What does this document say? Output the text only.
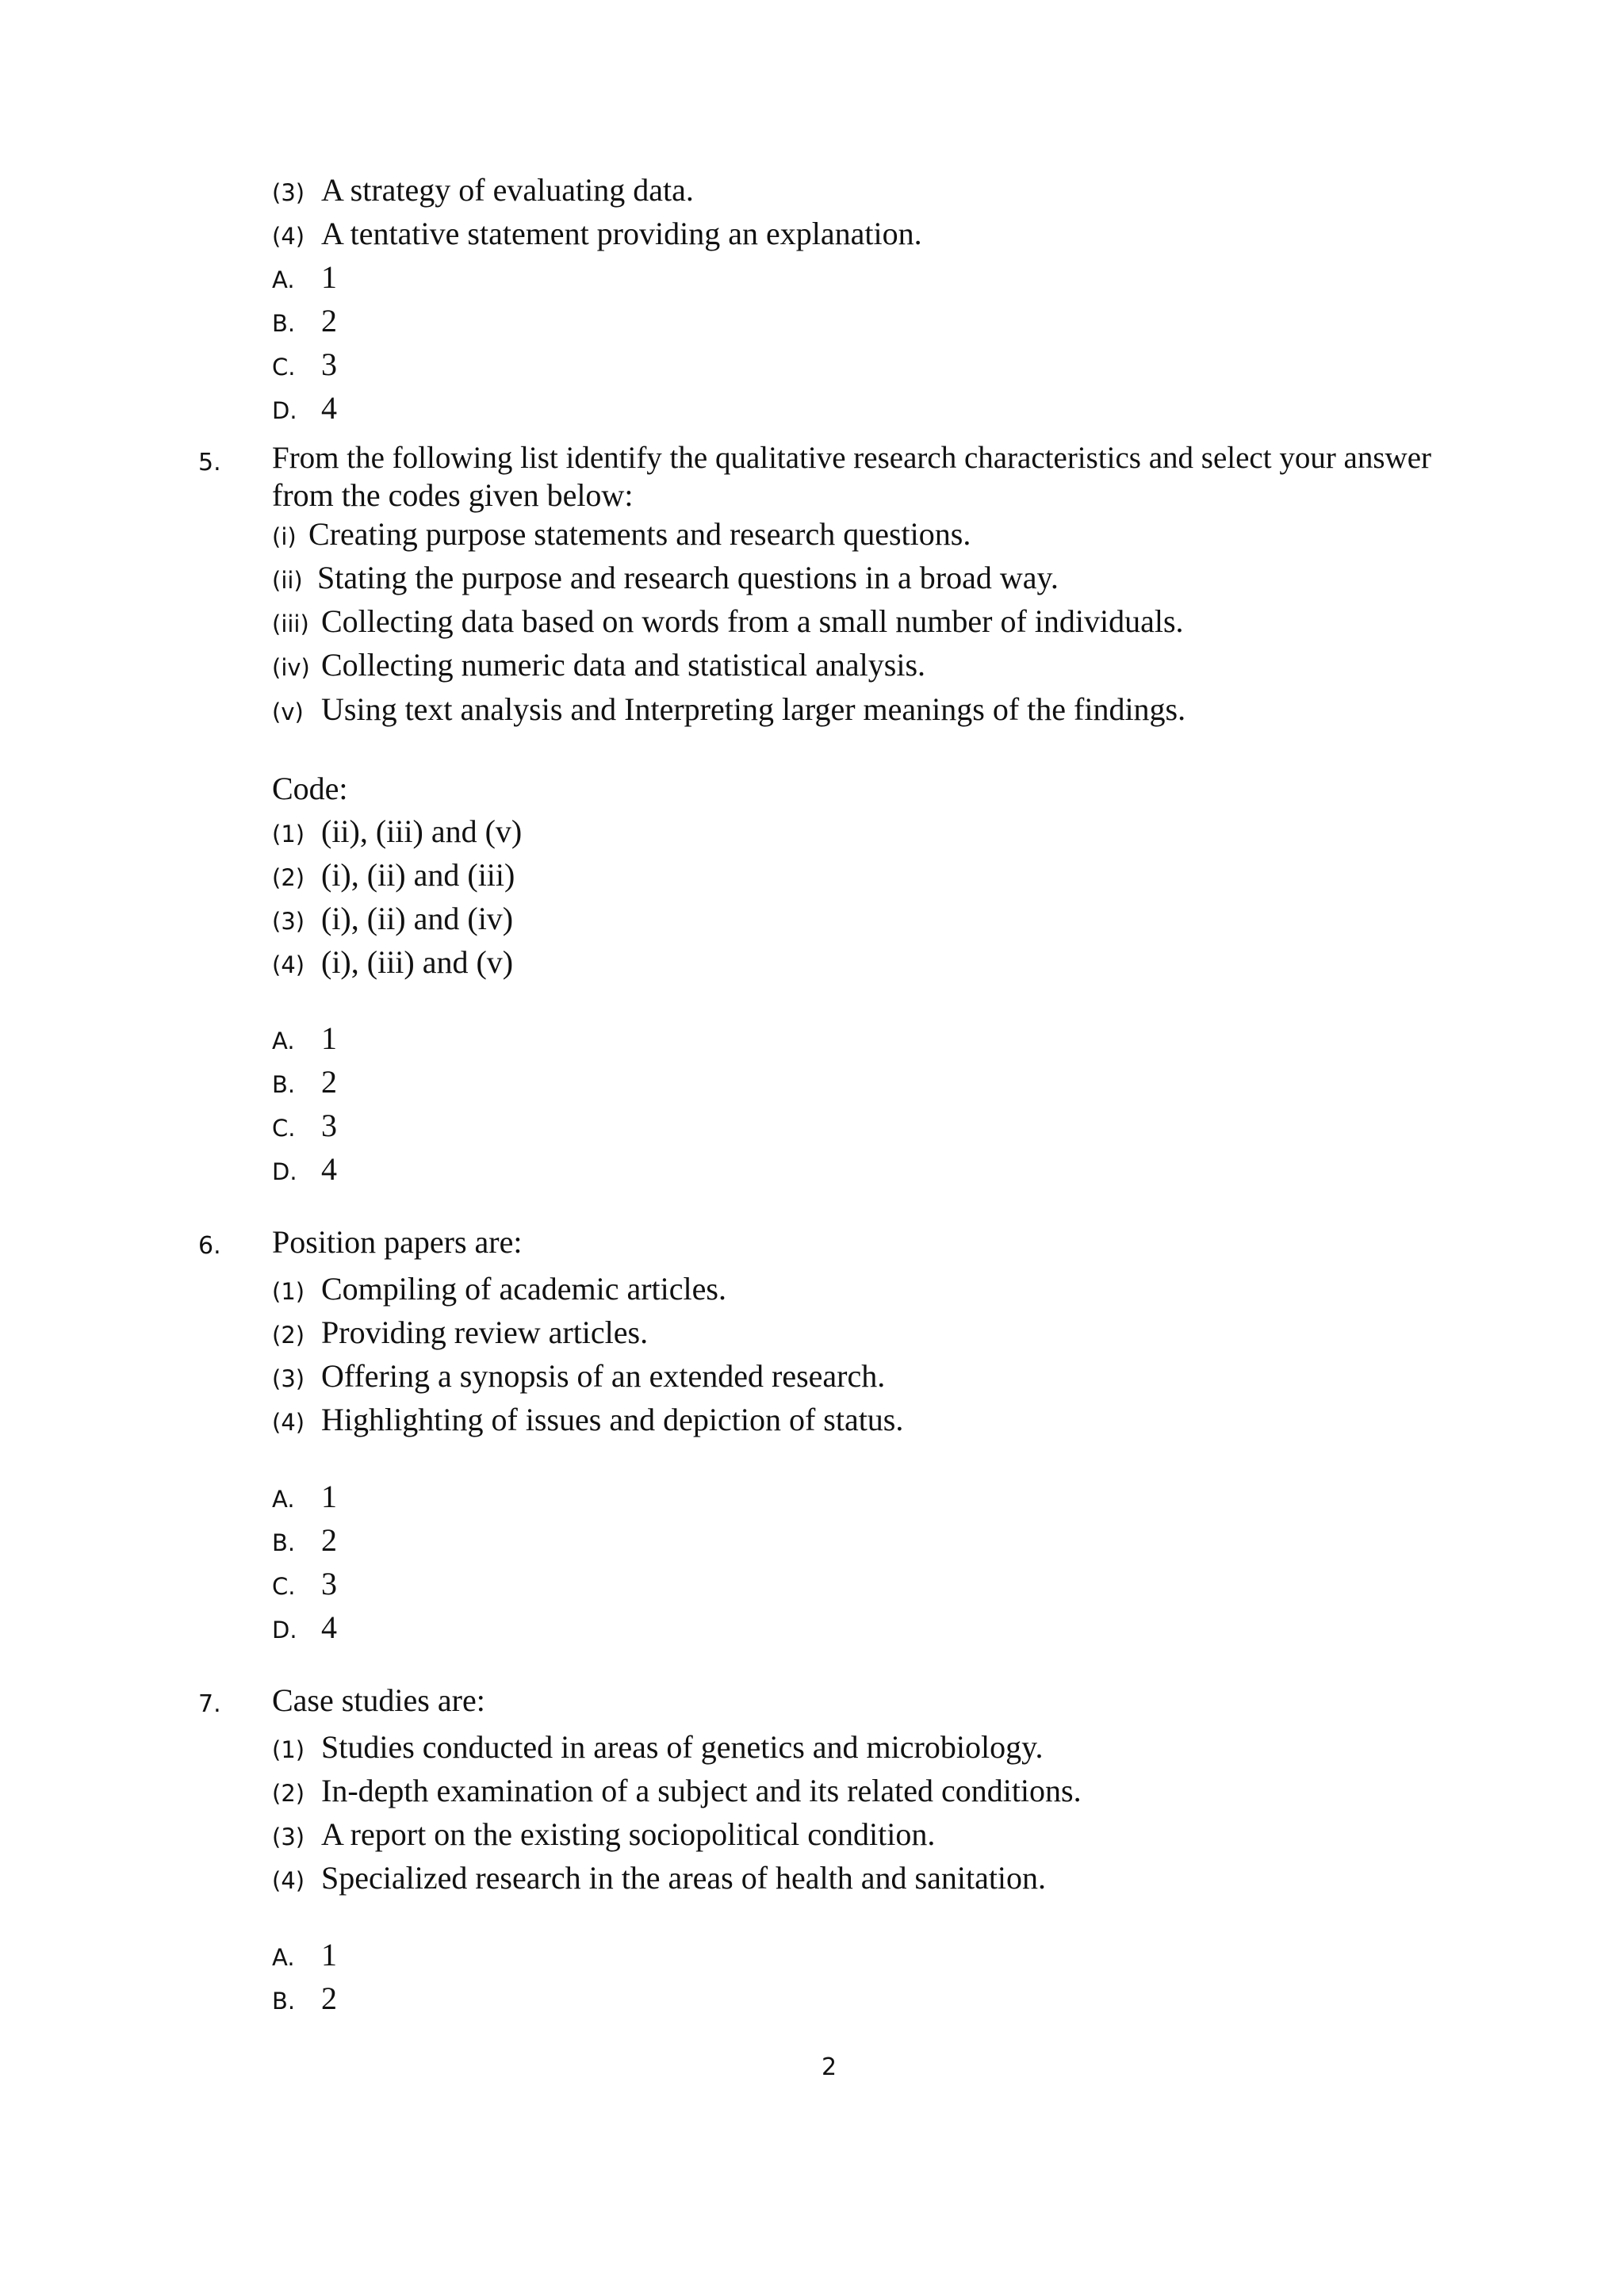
(3) A strategy of evaluating data.
(4) A tentative statement providing an explanation.
A. 1
B. 2
C. 3
D. 4
5. From the following list identify the qualitative research characteristics and select your answer
from the codes given below:
(i) Creating purpose statements and research questions.
(ii) Stating the purpose and research questions in a broad way.
(iii) Collecting data based on words from a small number of individuals.
(iv) Collecting numeric data and statistical analysis.
(v) Using text analysis and Interpreting larger meanings of the findings.
Code:
(1) (ii), (iii) and (v)
(2) (i), (ii) and (iii)
(3) (i), (ii) and (iv)
(4) (i), (iii) and (v)
A. 1
B. 2
C. 3
D. 4
6. Position papers are:
(1) Compiling of academic articles.
(2) Providing review articles.
(3) Offering a synopsis of an extended research.
(4) Highlighting of issues and depiction of status.
A. 1
B. 2
C. 3
D. 4
7. Case studies are:
(1) Studies conducted in areas of genetics and microbiology.
(2) In-depth examination of a subject and its related conditions.
(3) A report on the existing sociopolitical condition.
(4) Specialized research in the areas of health and sanitation.
A. 1
B. 2
2
